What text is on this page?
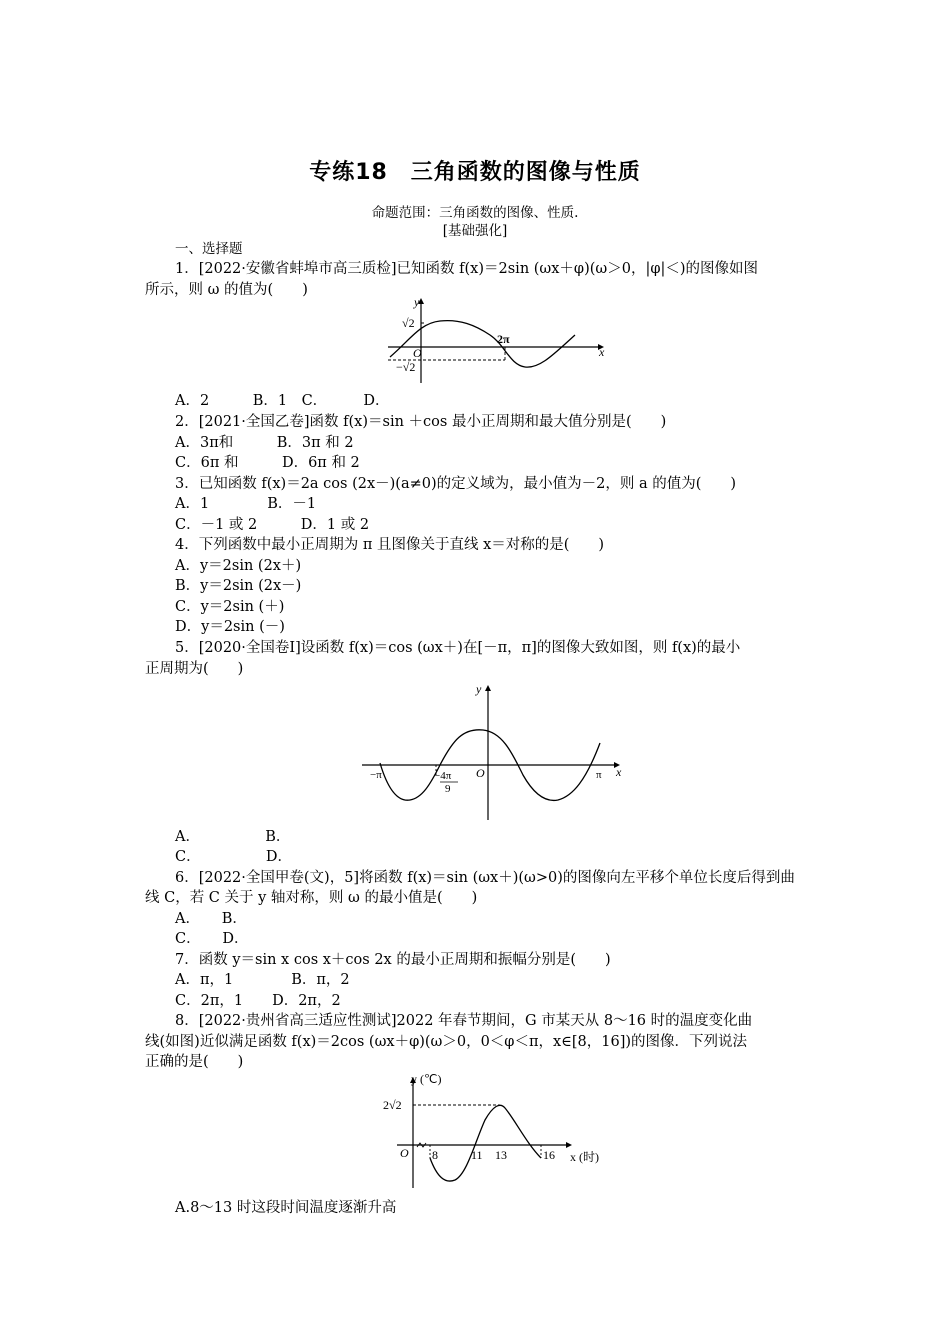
专练18　三角函数的图像与性质
命题范围：三角函数的图像、性质.
[基础强化]
一、选择题
1．[2022·安徽省蚌埠市高三质检]已知函数 f(x)＝2sin (ωx＋φ)(ω＞0，|φ|＜)的图像如图
所示，则 ω 的值为(　　)
y
x
O
√2
−√2
2π
A．2　　　B．1　C．　　　D．
2．[2021·全国乙卷]函数 f(x)＝sin ＋cos 最小正周期和最大值分别是(　　)
A．3π和　　　B．3π 和 2
C．6π 和　　　D．6π 和 2
3．已知函数 f(x)＝2a cos (2x－)(a≠0)的定义域为，最小值为－2，则 a 的值为(　　)
A．1　　　　B．－1
C．－1 或 2　　　D．1 或 2
4．下列函数中最小正周期为 π 且图像关于直线 x＝对称的是(　　)
A．y＝2sin (2x＋)
B．y＝2sin (2x－)
C．y＝2sin (＋)
D．y＝2sin (－)
5．[2020·全国卷Ⅰ]设函数 f(x)＝cos (ωx＋)在[－π，π]的图像大致如图，则 f(x)的最小
正周期为(　　)
y
x
O
−π	π
−4π
9
A．　　　　　B．
C．　　　　　D．
6．[2022·全国甲卷(文)，5]将函数 f(x)＝sin (ωx＋)(ω>0)的图像向左平移个单位长度后得到曲
线 C，若 C 关于 y 轴对称，则 ω 的最小值是(　　)
A．　　B．
C．　　D．
7．函数 y＝sin x cos x＋cos 2x 的最小正周期和振幅分别是(　　)
A．π，1　　　　B．π，2
C．2π，1　　D．2π，2
8．[2022·贵州省高三适应性测试]2022 年春节期间，G 市某天从 8～16 时的温度变化曲
线(如图)近似满足函数 f(x)＝2cos (ωx＋φ)(ω＞0，0＜φ＜π，x∈[8，16])的图像．下列说法
正确的是(　　)
y (℃)
x (时)
O
2√2
8	11 13	16
A.8～13 时这段时间温度逐渐升高
